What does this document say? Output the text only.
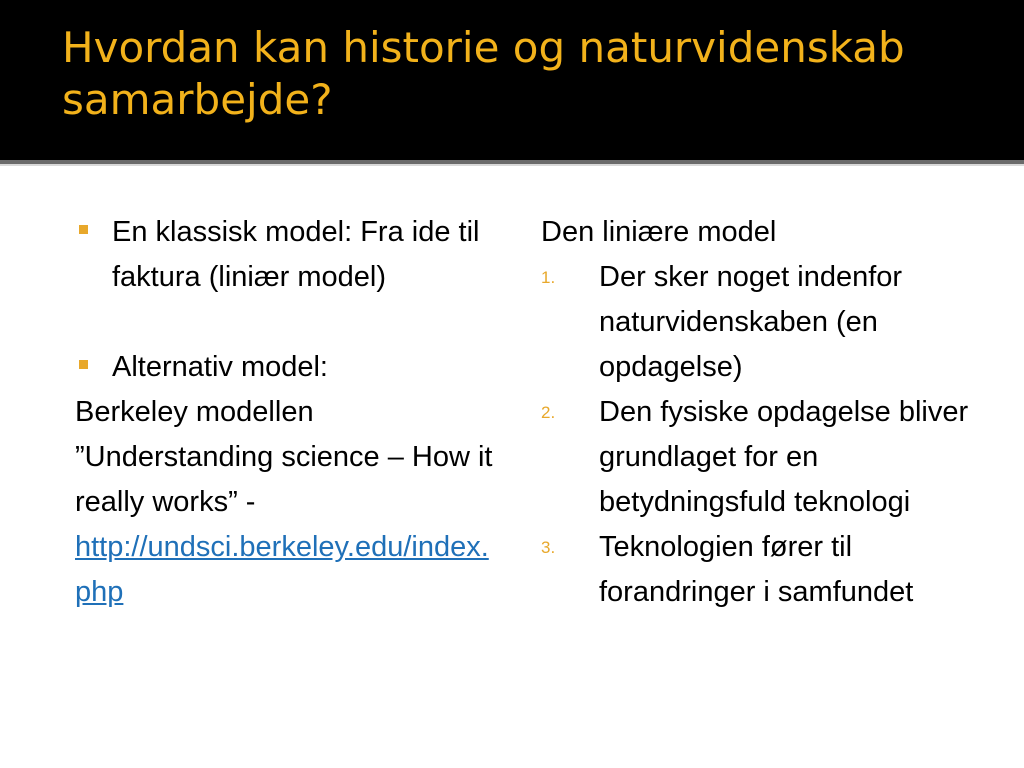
Hvordan kan historie og naturvidenskab samarbejde?

En klassisk model: Fra ide til faktura (liniær model)

Alternativ model:

Berkeley modellen

”Understanding science – How it really works” -

http://undsci.berkeley.edu/index.php

Den liniære model

1. Der sker noget indenfor naturvidenskaben (en opdagelse)

2. Den fysiske opdagelse bliver grundlaget for en betydningsfuld teknologi

3. Teknologien fører til forandringer i samfundet
